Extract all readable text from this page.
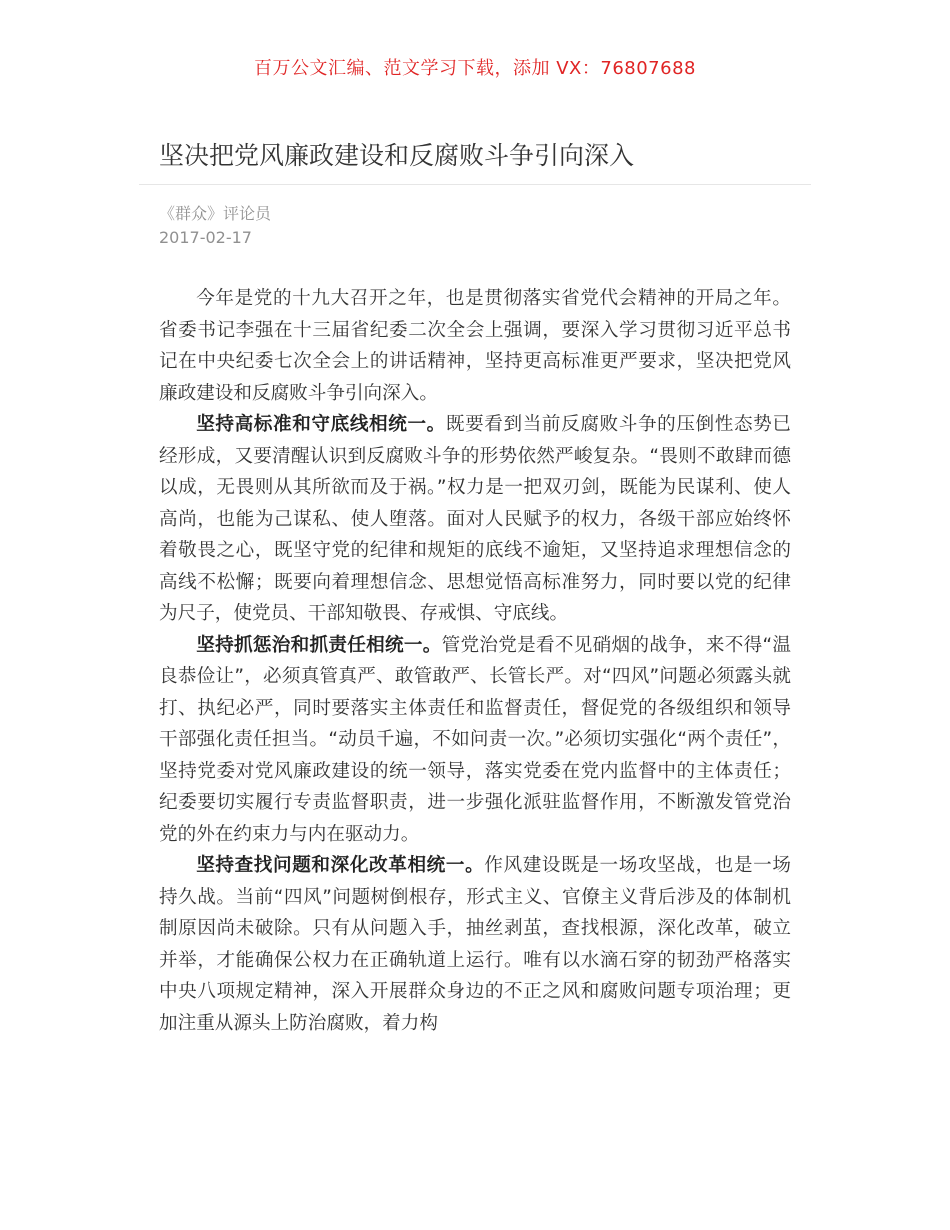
百万公文汇编、范文学习下载，添加 VX：76807688
坚决把党风廉政建设和反腐败斗争引向深入
《群众》评论员
2017-02-17

今年是党的十九大召开之年，也是贯彻落实省党代会精神的开局之年。省委书记李强在十三届省纪委二次全会上强调，要深入学习贯彻习近平总书记在中央纪委七次全会上的讲话精神，坚持更高标准更严要求，坚决把党风廉政建设和反腐败斗争引向深入。

坚持高标准和守底线相统一。既要看到当前反腐败斗争的压倒性态势已经形成，又要清醒认识到反腐败斗争的形势依然严峻复杂。“畏则不敢肆而德以成，无畏则从其所欲而及于祸。”权力是一把双刃剑，既能为民谋利、使人高尚，也能为己谋私、使人堕落。面对人民赋予的权力，各级干部应始终怀着敬畏之心，既坚守党的纪律和规矩的底线不逾矩，又坚持追求理想信念的高线不松懈；既要向着理想信念、思想觉悟高标准努力，同时要以党的纪律为尺子，使党员、干部知敬畏、存戒惧、守底线。

坚持抓惩治和抓责任相统一。管党治党是看不见硝烟的战争，来不得“温良恭俭让”，必须真管真严、敢管敢严、长管长严。对“四风”问题必须露头就打、执纪必严，同时要落实主体责任和监督责任，督促党的各级组织和领导干部强化责任担当。“动员千遍，不如问责一次。”必须切实强化“两个责任”，坚持党委对党风廉政建设的统一领导，落实党委在党内监督中的主体责任；纪委要切实履行专责监督职责，进一步强化派驻监督作用，不断激发管党治党的外在约束力与内在驱动力。

坚持查找问题和深化改革相统一。作风建设既是一场攻坚战，也是一场持久战。当前“四风”问题树倒根存，形式主义、官僚主义背后涉及的体制机制原因尚未破除。只有从问题入手，抽丝剥茧，查找根源，深化改革，破立并举，才能确保公权力在正确轨道上运行。唯有以水滴石穿的韧劲严格落实中央八项规定精神，深入开展群众身边的不正之风和腐败问题专项治理；更加注重从源头上防治腐败，着力构
